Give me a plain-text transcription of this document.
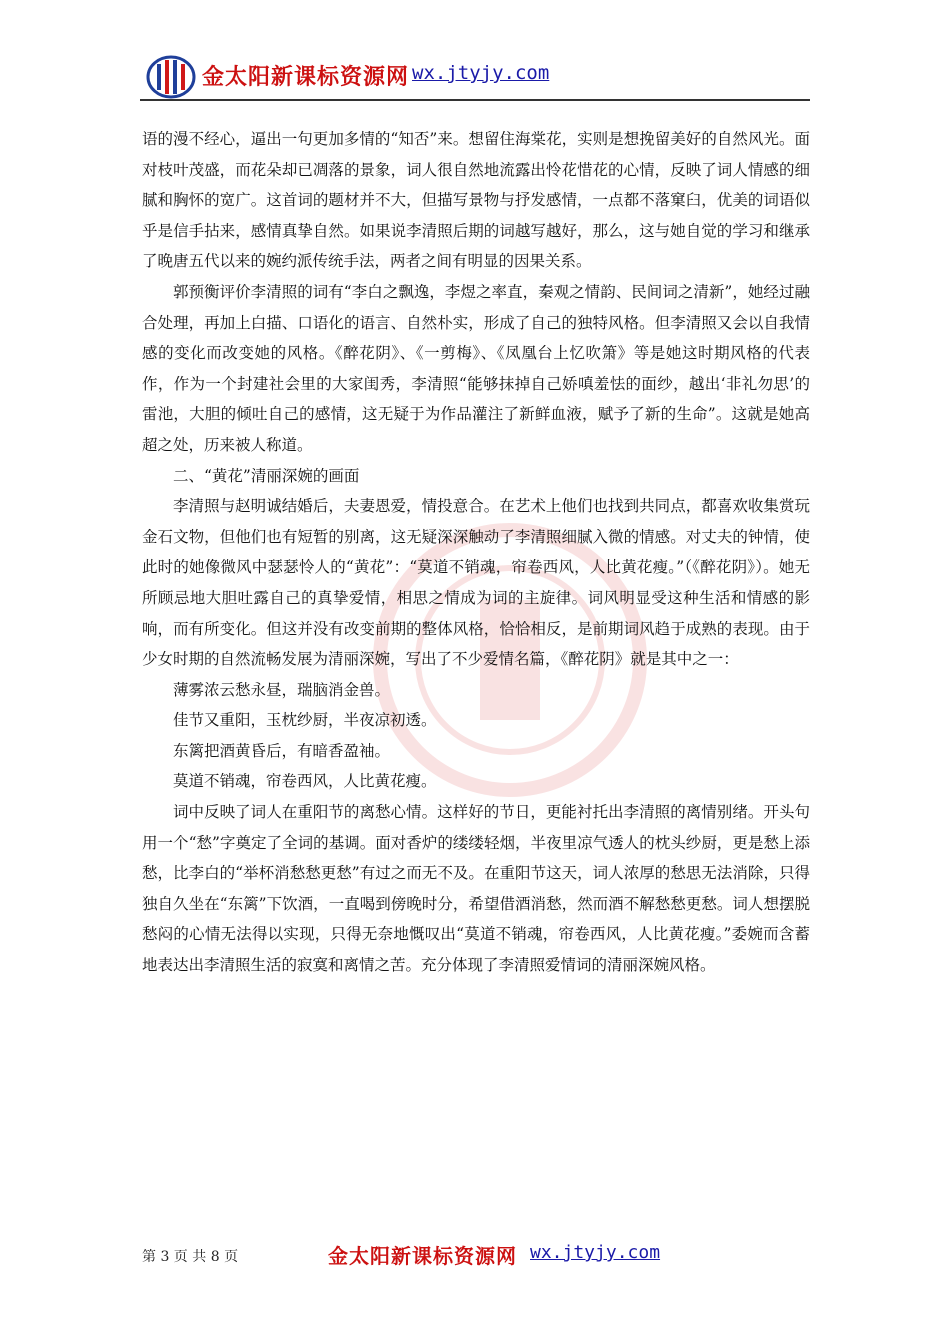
金太阳新课标资源网 wx.jtyjy.com

语的漫不经心，逼出一句更加多情的“知否”来。想留住海棠花，实则是想挽留美好的自然风光。面对枝叶茂盛，而花朵却已凋落的景象，词人很自然地流露出怜花惜花的心情，反映了词人情感的细腻和胸怀的宽广。这首词的题材并不大，但描写景物与抒发感情，一点都不落窠臼，优美的词语似乎是信手拈来，感情真挚自然。如果说李清照后期的词越写越好，那么，这与她自觉的学习和继承了晚唐五代以来的婉约派传统手法，两者之间有明显的因果关系。

郭预衡评价李清照的词有“李白之飘逸，李煜之率直，秦观之情韵、民间词之清新”，她经过融合处理，再加上白描、口语化的语言、自然朴实，形成了自己的独特风格。但李清照又会以自我情感的变化而改变她的风格。《醉花阴》、《一剪梅》、《凤凰台上忆吹箫》等是她这时期风格的代表作，作为一个封建社会里的大家闺秀，李清照“能够抹掉自己娇嗔羞怯的面纱，越出‘非礼勿思’的雷池，大胆的倾吐自己的感情，这无疑于为作品灌注了新鲜血液，赋予了新的生命”。这就是她高超之处，历来被人称道。

二、“黄花”清丽深婉的画面

李清照与赵明诚结婚后，夫妻恩爱，情投意合。在艺术上他们也找到共同点，都喜欢收集赏玩金石文物，但他们也有短暂的别离，这无疑深深触动了李清照细腻入微的情感。对丈夫的钟情，使此时的她像微风中瑟瑟怜人的“黄花”：“莫道不销魂，帘卷西风，人比黄花瘦。”（《醉花阴》）。她无所顾忌地大胆吐露自己的真挚爱情，相思之情成为词的主旋律。词风明显受这种生活和情感的影响，而有所变化。但这并没有改变前期的整体风格，恰恰相反，是前期词风趋于成熟的表现。由于少女时期的自然流畅发展为清丽深婉，写出了不少爱情名篇，《醉花阴》就是其中之一：

薄雾浓云愁永昼，瑞脑消金兽。

佳节又重阳，玉枕纱厨，半夜凉初透。

东篱把酒黄昏后，有暗香盈袖。

莫道不销魂，帘卷西风，人比黄花瘦。

词中反映了词人在重阳节的离愁心情。这样好的节日，更能衬托出李清照的离情别绪。开头句用一个“愁”字奠定了全词的基调。面对香炉的缕缕轻烟，半夜里凉气透人的枕头纱厨，更是愁上添愁，比李白的“举杯消愁愁更愁”有过之而无不及。在重阳节这天，词人浓厚的愁思无法消除，只得独自久坐在“东篱”下饮酒，一直喝到傍晚时分，希望借酒消愁，然而酒不解愁愁更愁。词人想摆脱愁闷的心情无法得以实现，只得无奈地慨叹出“莫道不销魂，帘卷西风，人比黄花瘦。”委婉而含蓄地表达出李清照生活的寂寞和离情之苦。充分体现了李清照爱情词的清丽深婉风格。

第 3 页 共 8 页	金太阳新课标资源网 wx.jtyjy.com
